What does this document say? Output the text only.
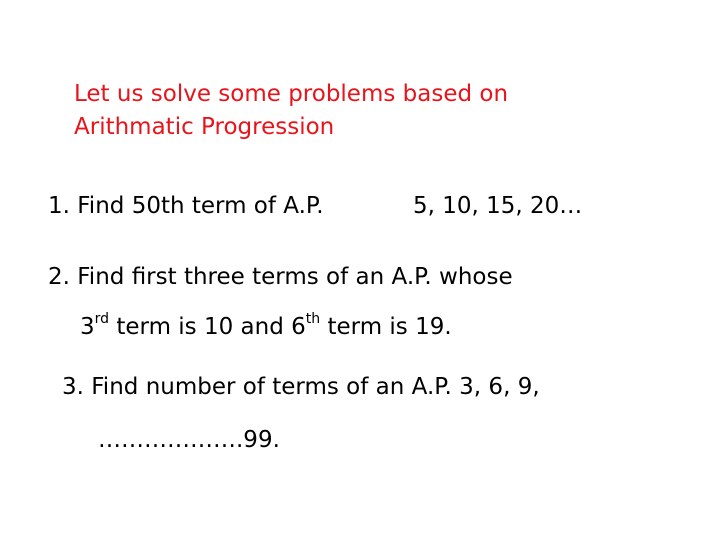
Let us solve some problems based on
Arithmatic Progression
1. Find 50th term of A.P.	5, 10, 15, 20…
2. Find first three terms of an A.P. whose
3rd term is 10 and 6th term is 19.
3. Find number of terms of an A.P. 3, 6, 9,
……………….99.
